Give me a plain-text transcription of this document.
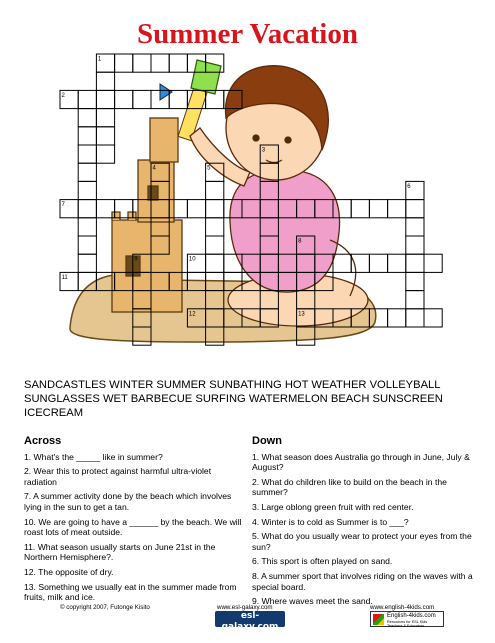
Summer Vacation
1
2
3
4	5
6
7
8
9	10
11
12	13
SANDCASTLES WINTER SUMMER SUNBATHING HOT WEATHER VOLLEYBALL SUNGLASSES WET BARBECUE SURFING WATERMELON BEACH SUNSCREEN ICECREAM
Across
1. What's the _____ like in summer?
2. Wear this to protect against harmful ultra-violet radiation
7. A summer activity done by the beach which involves lying in the sun to get a tan.
10. We are going to have a ______ by the beach. We will roast lots of meat outside.
11. What season usually starts on June 21st in the Northern Hemisphere?.
12. The opposite of dry.
13. Something we usually eat in the summer made from fruits, milk and ice.
Down
1. What season does Australia go through in June, July & August?
2. What do children like to build on the beach in the summer?
3. Large oblong green fruit with red center.
4. Winter is to cold as Summer is to ___?
5. What do you usually wear to protect your eyes from the sun?
6. This sport is often played on sand.
8. A summer sport that involves riding on the waves with a special board.
9. Where waves meet the sand.
© copyright 2007, Futonge Kisito	www.esl-galaxy.com	www.english-4kids.com
esl-galaxy.com
ESL Teacher & Student Resources
English-4kids.com
Resources for ESL Kids Teachers & Educators
